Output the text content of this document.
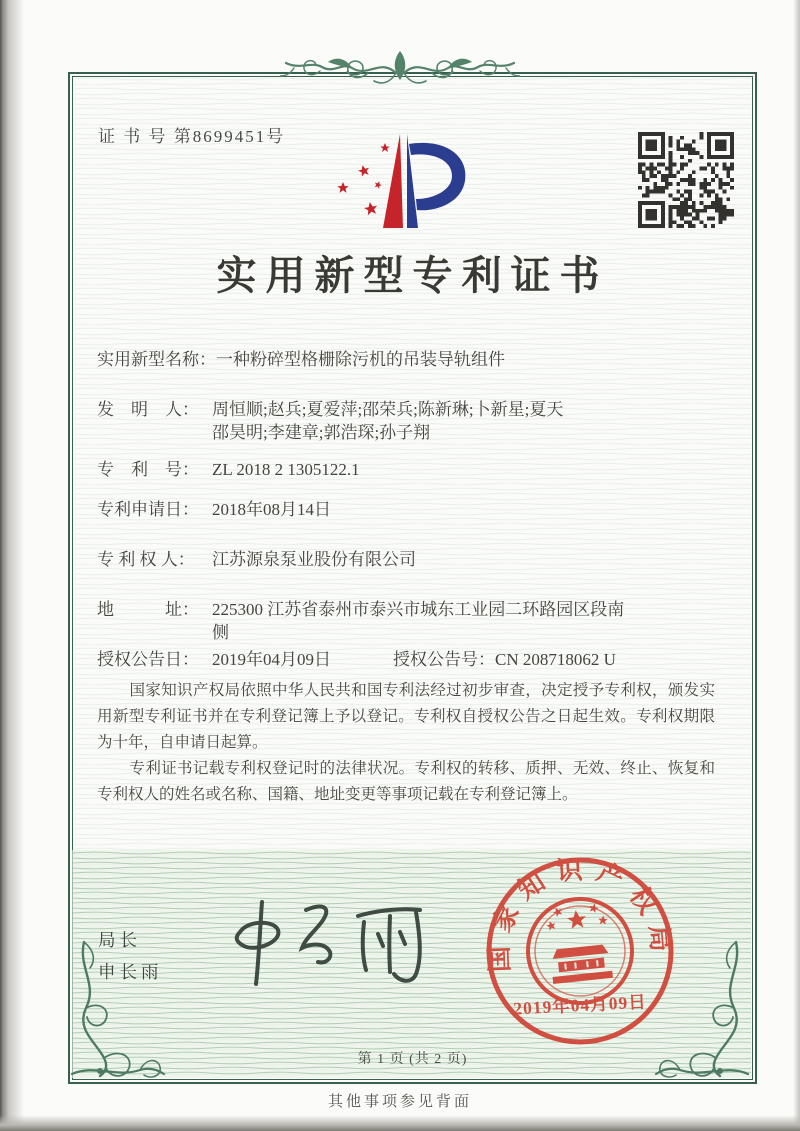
证 书 号 第8699451号
实用新型专利证书
实用新型名称： 一种粉碎型格栅除污机的吊装导轨组件
发　明　人： 周恒顺;赵兵;夏爱萍;邵荣兵;陈新琳;卜新星;夏天
邵昊明;李建章;郭浩琛;孙子翔
专　利　号： ZL 2018 2 1305122.1
专利申请日： 2018年08月14日
专 利 权 人：	江苏源泉泵业股份有限公司
地　　　址： 225300 江苏省泰州市泰兴市城东工业园二环路园区段南
侧
授权公告日： 2019年04月09日	授权公告号： CN 208718062 U

国家知识产权局依照中华人民共和国专利法经过初步审查，决定授予专利权，颁发实用新型专利证书并在专利登记簿上予以登记。专利权自授权公告之日起生效。专利权期限为十年，自申请日起算。

专利证书记载专利权登记时的法律状况。专利权的转移、质押、无效、终止、恢复和专利权人的姓名或名称、国籍、地址变更等事项记载在专利登记簿上。

局长
申长雨	国家知识产权局
2019年04月09日
第 1 页 (共 2 页)
其他事项参见背面
